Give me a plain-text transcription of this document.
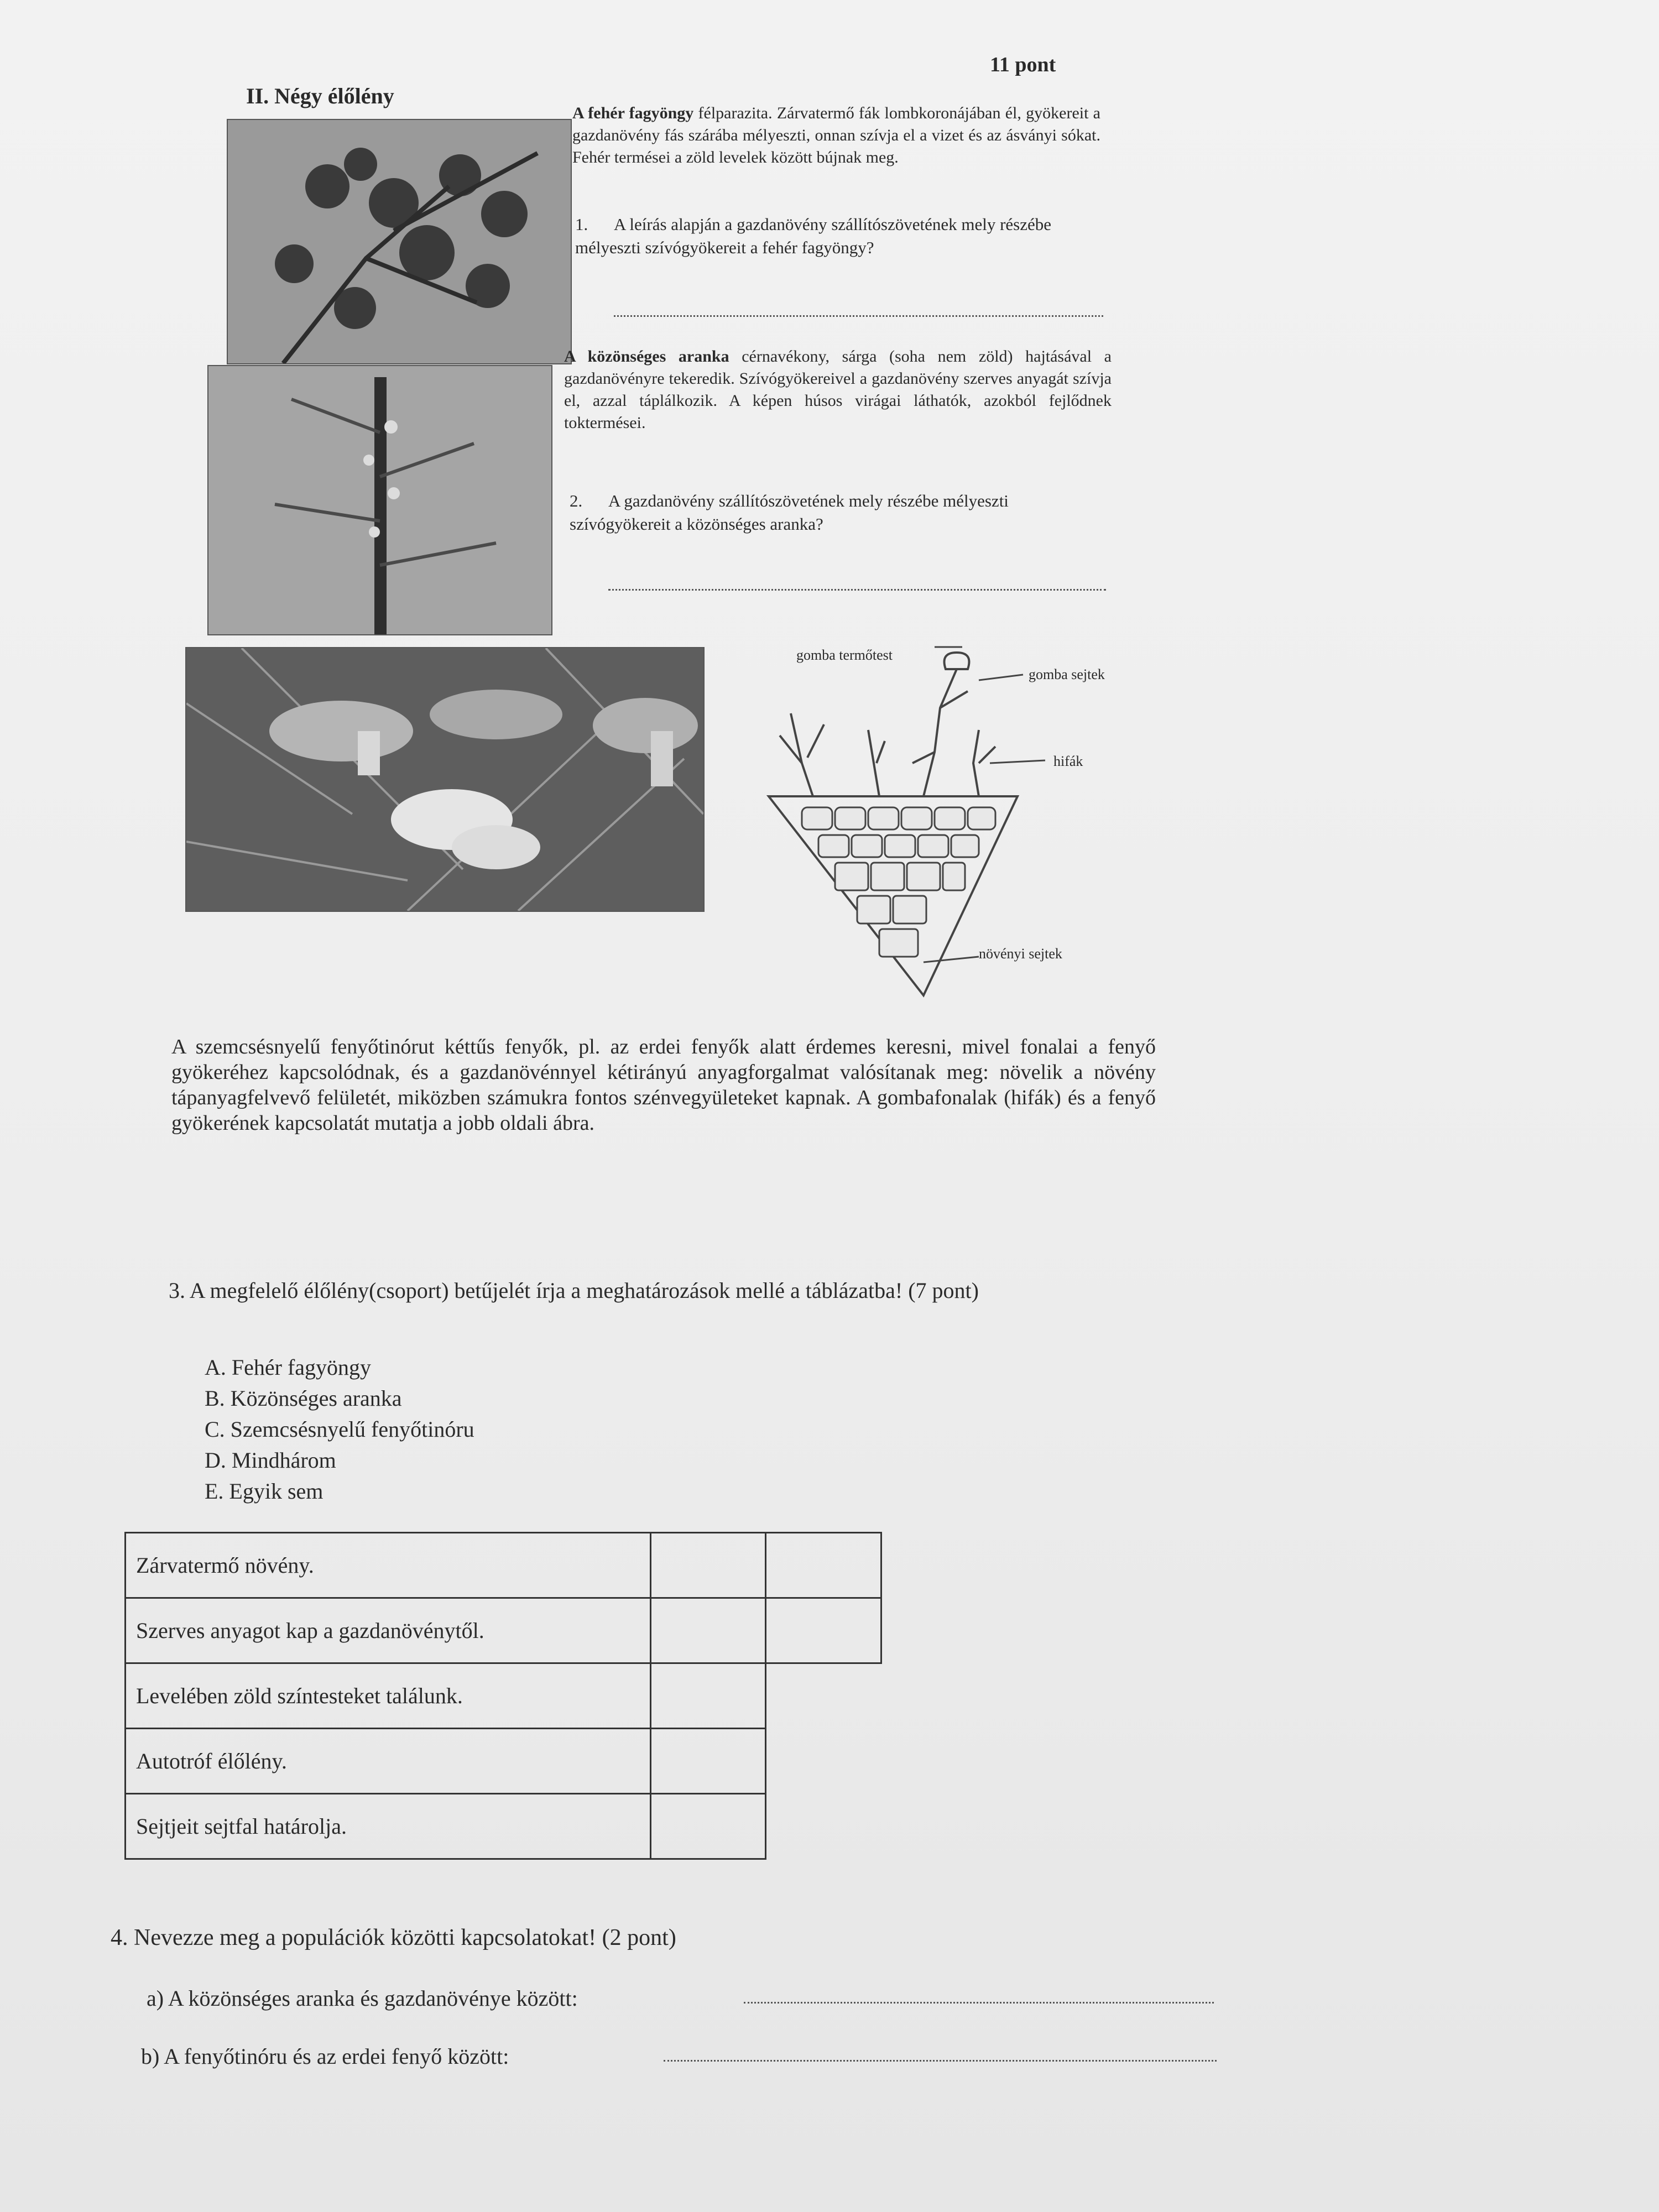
11 pont
II. Négy élőlény
A fehér fagyöngy félparazita. Zárvatermő fák lombkoronájában él, gyökereit a gazdanövény fás szárába mélyeszti, onnan szívja el a vizet és az ásványi sókat. Fehér termései a zöld levelek között bújnak meg.
1. A leírás alapján a gazdanövény szállítószövetének mely részébe mélyeszti szívógyökereit a fehér fagyöngy?
A közönséges aranka cérnavékony, sárga (soha nem zöld) hajtásával a gazdanövényre tekeredik. Szívógyökereivel a gazdanövény szerves anyagát szívja el, azzal táplálkozik. A képen húsos virágai láthatók, azokból fejlődnek toktermései.
2. A gazdanövény szállítószövetének mely részébe mélyeszti szívógyökereit a közönséges aranka?
gomba termőtest
gomba sejtek
hifák
növényi sejtek
A szemcsésnyelű fenyőtinórut kéttűs fenyők, pl. az erdei fenyők alatt érdemes keresni, mivel fonalai a fenyő gyökeréhez kapcsolódnak, és a gazdanövénnyel kétirányú anyagforgalmat valósítanak meg: növelik a növény tápanyagfelvevő felületét, miközben számukra fontos szénvegyületeket kapnak. A gombafonalak (hifák) és a fenyő gyökerének kapcsolatát mutatja a jobb oldali ábra.
3. A megfelelő élőlény(csoport) betűjelét írja a meghatározások mellé a táblázatba! (7 pont)
A. Fehér fagyöngy
B. Közönséges aranka
C. Szemcsésnyelű fenyőtinóru
D. Mindhárom
E. Egyik sem
Zárvatermő növény.		
Szerves anyagot kap a gazdanövénytől.		
Levelében zöld színtesteket találunk.		
Autotróf élőlény.		
Sejtjeit sejtfal határolja.		
4. Nevezze meg a populációk közötti kapcsolatokat! (2 pont)
a) A közönséges aranka és gazdanövénye között:
b) A fenyőtinóru és az erdei fenyő között:
